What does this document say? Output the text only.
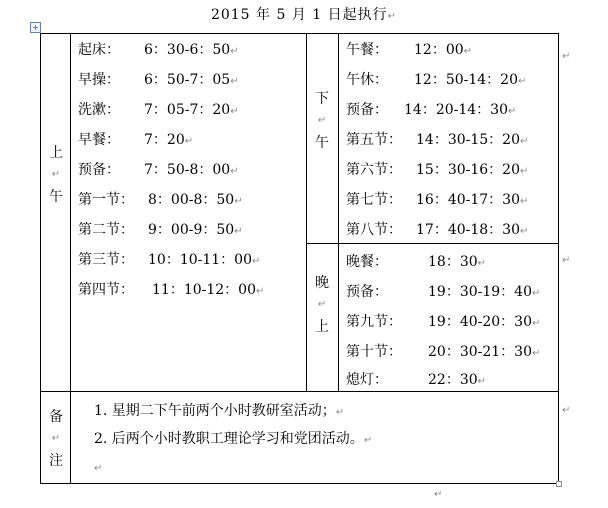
2015 年 5 月 1 日起执行↵
+
上
↵
午
起床： 6：30-6：50↵
早操： 6：50-7：05↵
洗漱： 7：05-7：20↵
早餐： 7：20↵
预备： 7：50-8：00↵
第一节： 8：00-8：50↵
第二节： 9：00-9：50↵
第三节： 10：10-11：00↵
第四节： 11：10-12：00↵
下
↵
午
午餐： 12：00↵
午休： 12：50-14：20↵
预备： 14：20-14：30↵
第五节： 14：30-15：20↵
第六节： 15：30-16：20↵
第七节： 16：40-17：30↵
第八节： 17：40-18：30↵
晚
↵
上
晚餐：	18：30↵
预备：	19：30-19：40↵
第九节： 19：40-20：30↵
第十节： 20：30-21：30↵
熄灯：	22：30↵
↵
↵
↵
备
↵
注
1. 星期二下午前两个小时教研室活动；↵
2. 后两个小时教职工理论学习和党团活动。↵
↵
↵
